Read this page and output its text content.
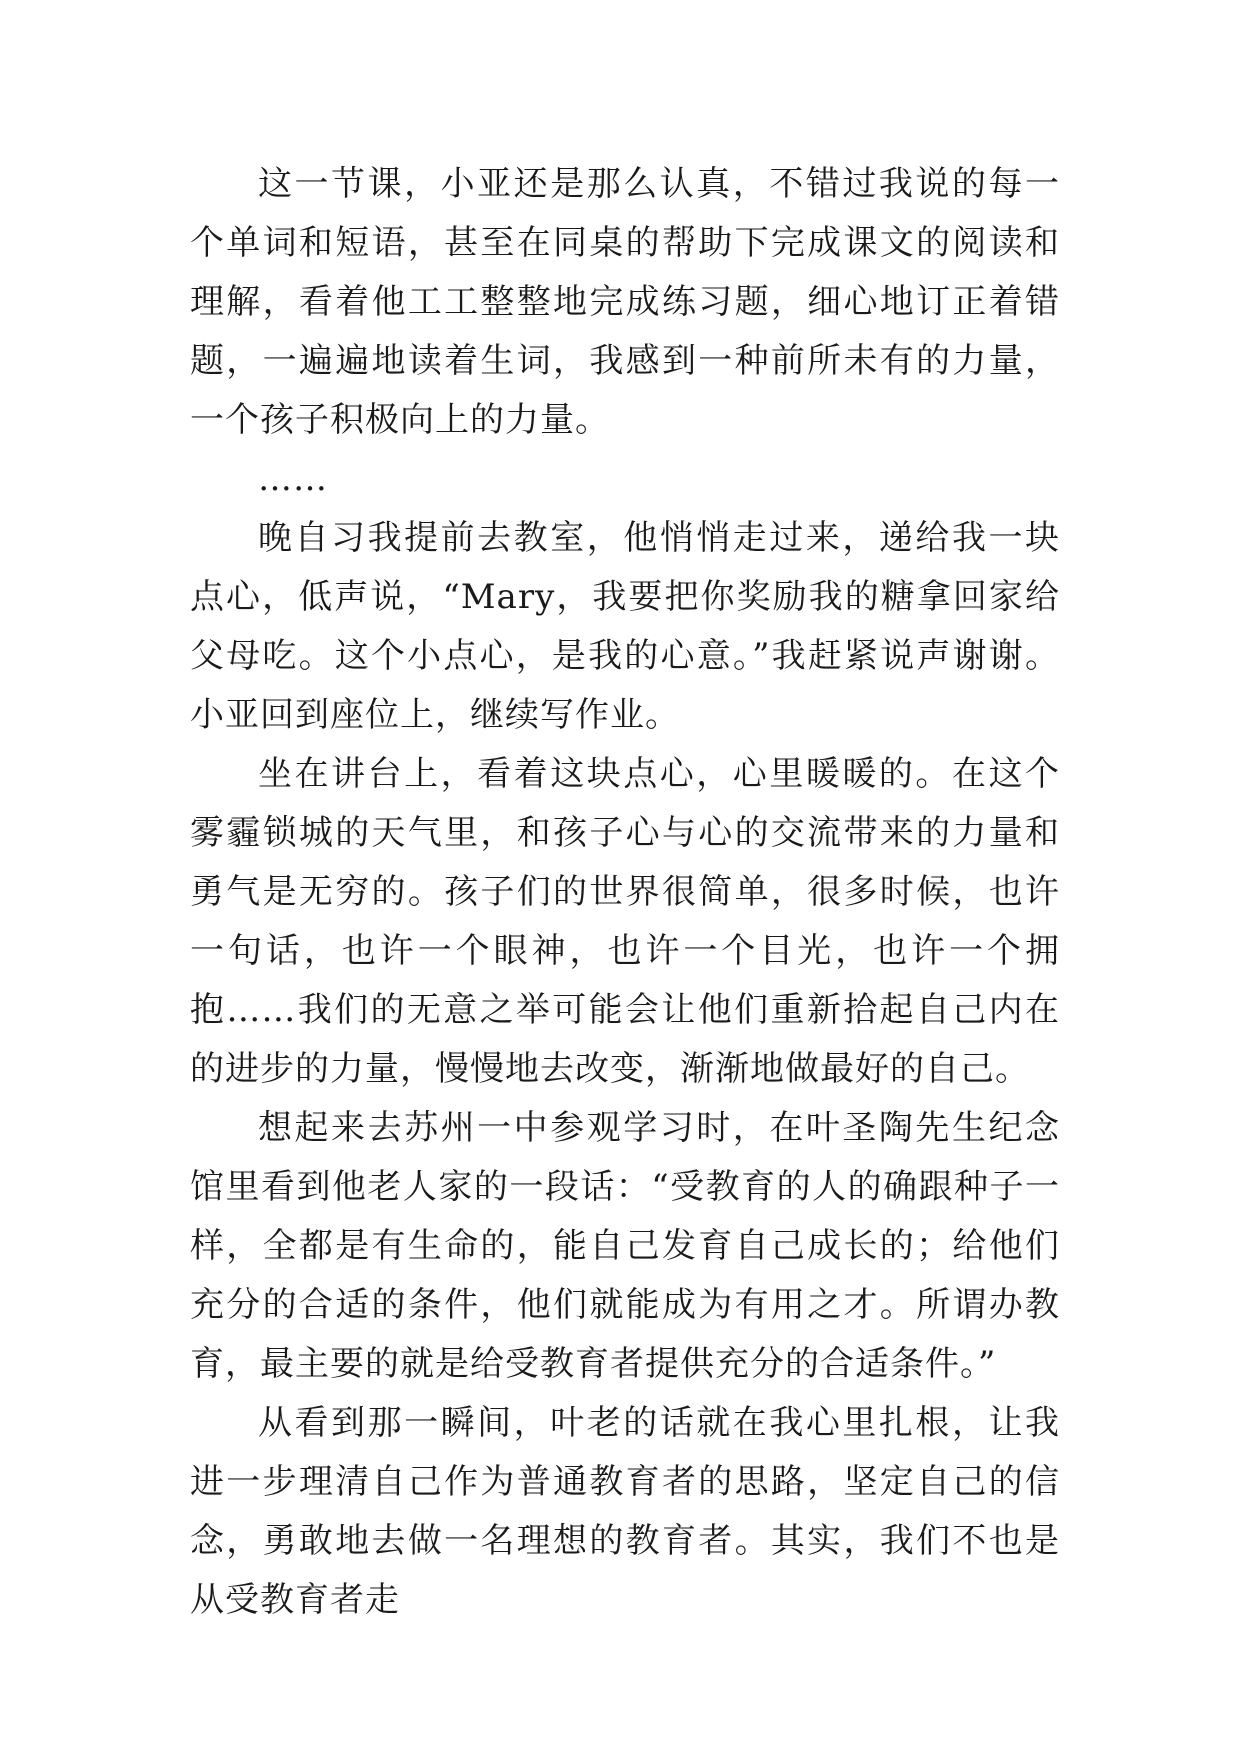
这一节课，小亚还是那么认真，不错过我说的每一个单词和短语，甚至在同桌的帮助下完成课文的阅读和理解，看着他工工整整地完成练习题，细心地订正着错题，一遍遍地读着生词，我感到一种前所未有的力量，一个孩子积极向上的力量。

……

晚自习我提前去教室，他悄悄走过来，递给我一块点心，低声说，“Mary，我要把你奖励我的糖拿回家给父母吃。这个小点心，是我的心意。”我赶紧说声谢谢。小亚回到座位上，继续写作业。

坐在讲台上，看着这块点心，心里暖暖的。在这个雾霾锁城的天气里，和孩子心与心的交流带来的力量和勇气是无穷的。孩子们的世界很简单，很多时候，也许一句话，也许一个眼神，也许一个目光，也许一个拥抱……我们的无意之举可能会让他们重新拾起自己内在的进步的力量，慢慢地去改变，渐渐地做最好的自己。

想起来去苏州一中参观学习时，在叶圣陶先生纪念馆里看到他老人家的一段话：“受教育的人的确跟种子一样，全都是有生命的，能自己发育自己成长的；给他们充分的合适的条件，他们就能成为有用之才。所谓办教育，最主要的就是给受教育者提供充分的合适条件。”

从看到那一瞬间，叶老的话就在我心里扎根，让我进一步理清自己作为普通教育者的思路，坚定自己的信念，勇敢地去做一名理想的教育者。其实，我们不也是从受教育者走
